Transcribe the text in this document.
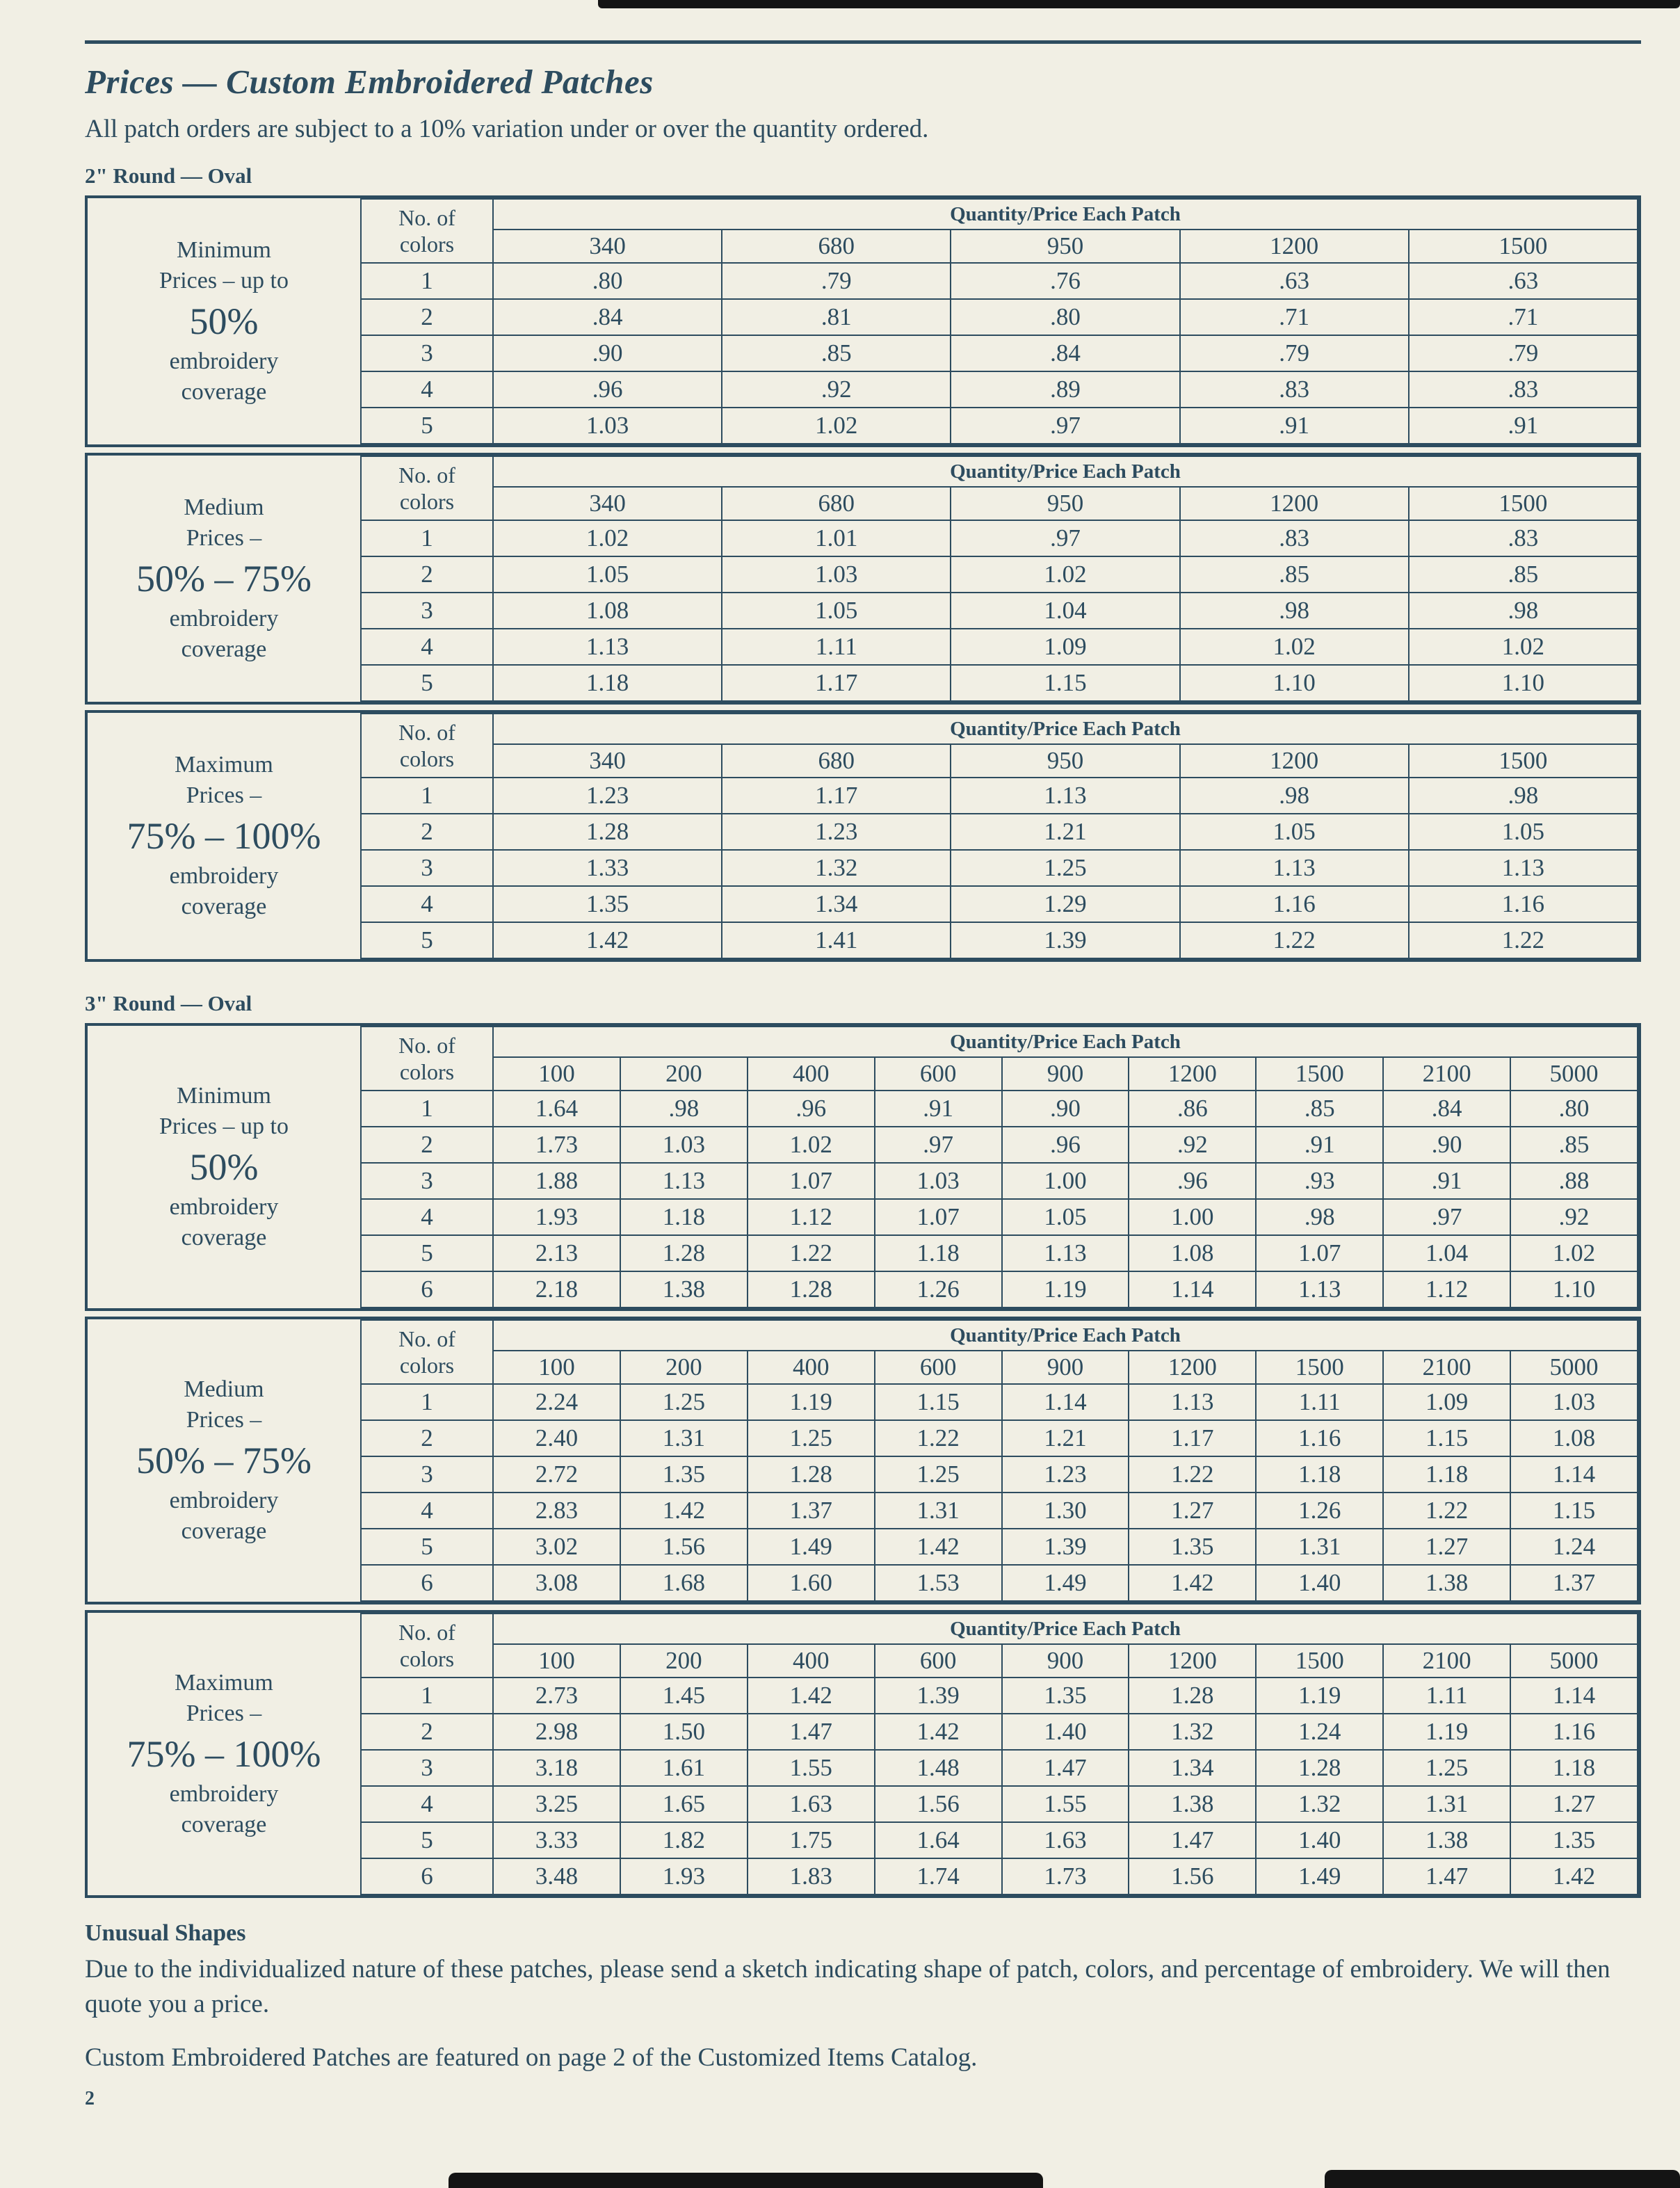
Prices — Custom Embroidered Patches

All patch orders are subject to a 10% variation under or over the quantity ordered.

2" Round — Oval
Minimum
Prices – up to
50%
embroidery
coverage
No. of
colors	Quantity/Price Each Patch				
	340	680	950	1200	1500
1	.80	.79	.76	.63	.63
2	.84	.81	.80	.71	.71
3	.90	.85	.84	.79	.79
4	.96	.92	.89	.83	.83
5	1.03	1.02	.97	.91	.91
Medium
Prices –
50% – 75%
embroidery
coverage
No. of
colors	Quantity/Price Each Patch				
	340	680	950	1200	1500
1	1.02	1.01	.97	.83	.83
2	1.05	1.03	1.02	.85	.85
3	1.08	1.05	1.04	.98	.98
4	1.13	1.11	1.09	1.02	1.02
5	1.18	1.17	1.15	1.10	1.10
Maximum
Prices –
75% – 100%
embroidery
coverage
No. of
colors	Quantity/Price Each Patch				
	340	680	950	1200	1500
1	1.23	1.17	1.13	.98	.98
2	1.28	1.23	1.21	1.05	1.05
3	1.33	1.32	1.25	1.13	1.13
4	1.35	1.34	1.29	1.16	1.16
5	1.42	1.41	1.39	1.22	1.22
3" Round — Oval
Minimum
Prices – up to
50%
embroidery
coverage
No. of
colors	Quantity/Price Each Patch								
	100	200	400	600	900	1200	1500	2100	5000
1	1.64	.98	.96	.91	.90	.86	.85	.84	.80
2	1.73	1.03	1.02	.97	.96	.92	.91	.90	.85
3	1.88	1.13	1.07	1.03	1.00	.96	.93	.91	.88
4	1.93	1.18	1.12	1.07	1.05	1.00	.98	.97	.92
5	2.13	1.28	1.22	1.18	1.13	1.08	1.07	1.04	1.02
6	2.18	1.38	1.28	1.26	1.19	1.14	1.13	1.12	1.10
Medium
Prices –
50% – 75%
embroidery
coverage
No. of
colors	Quantity/Price Each Patch								
	100	200	400	600	900	1200	1500	2100	5000
1	2.24	1.25	1.19	1.15	1.14	1.13	1.11	1.09	1.03
2	2.40	1.31	1.25	1.22	1.21	1.17	1.16	1.15	1.08
3	2.72	1.35	1.28	1.25	1.23	1.22	1.18	1.18	1.14
4	2.83	1.42	1.37	1.31	1.30	1.27	1.26	1.22	1.15
5	3.02	1.56	1.49	1.42	1.39	1.35	1.31	1.27	1.24
6	3.08	1.68	1.60	1.53	1.49	1.42	1.40	1.38	1.37
Maximum
Prices –
75% – 100%
embroidery
coverage
No. of
colors	Quantity/Price Each Patch								
	100	200	400	600	900	1200	1500	2100	5000
1	2.73	1.45	1.42	1.39	1.35	1.28	1.19	1.11	1.14
2	2.98	1.50	1.47	1.42	1.40	1.32	1.24	1.19	1.16
3	3.18	1.61	1.55	1.48	1.47	1.34	1.28	1.25	1.18
4	3.25	1.65	1.63	1.56	1.55	1.38	1.32	1.31	1.27
5	3.33	1.82	1.75	1.64	1.63	1.47	1.40	1.38	1.35
6	3.48	1.93	1.83	1.74	1.73	1.56	1.49	1.47	1.42
Unusual Shapes

Due to the individualized nature of these patches, please send a sketch indicating shape of patch, colors, and percentage of embroidery. We will then quote you a price.

Custom Embroidered Patches are featured on page 2 of the Customized Items Catalog.

2
